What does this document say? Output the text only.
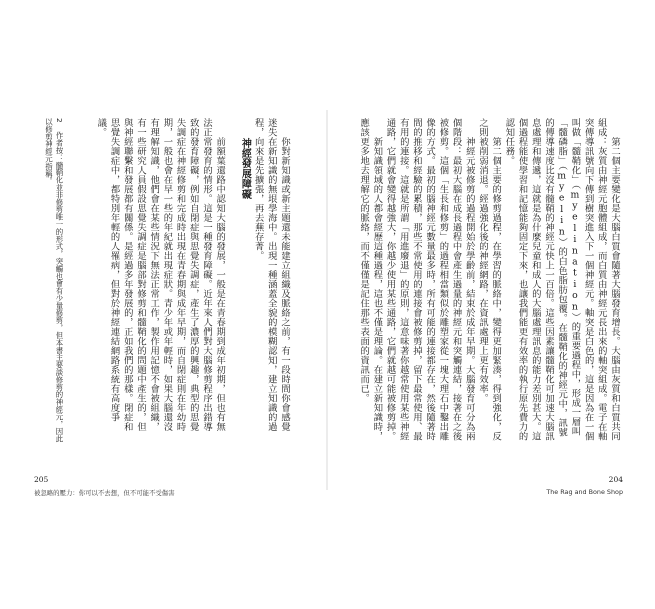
你對新知識或新主題還未能建立組織及脈絡之前，有一段時間你會感覺迷失在新知識的無垠學海中。出現一種涵蓋全貌的模糊認知，建立知識的過程，向來是先擴張，再去蕪存菁。

神經發展障礙

前額葉還路中認知大腦的發展，一般是在青春期到成年初期，但也有無法正常發育的情形。這是一種發育障礙。近年來人們對大腦修剪程序出錯導致的發育障礙，例如自閉症與思覺失調症，產生了濃厚的興趣，典型的思覺失調症在神經修剪和完成時出現在青春期與成年早期，而自閉症則在年幼時期，一般也會在早一些的年紀就出現症狀。青少年或年輕時，如果大腦還沒有理解知識，他們會在某些情況下無法正常工作，製作用記憶不會被組織，有一些研究人員假設思覺失調症是腦部對修剪和髓鞘化的問題中產生的，但與神經聯繫和發展都有關係。是經過多年發展的，正如我們的那樣。閉症和思覺失調症中，都特別年輕的人罹病，但對於神經連結網路系統有高度爭議。

2 作者按：髓鞘化並非修剪唯一的形式，突觸也會有少量修剪，但本書主要談修剪的神經元，因此以修剪神經元指稱。
205
被忽略的壓力：你可以不去想，但不可能不受傷害

第二個主要變化是大腦白質會隨著大腦發育增長。大腦由灰質和白質共同組成：灰質由神經元胞體組成，而白質由神經元長出來的軸突組成。電子在軸突傳導訊號向下傳到樹突進入下一個神經元。軸突是白色的，這是因為在一個叫做「髓鞘化」（myelination）的重要過程中，形成一層叫「髓磷脂」（myelin）的白色脂肪包覆。在髓鞘化的神經元中，訊號的傳導速度比沒有髓鞘的神經元快上一百倍。這些因素讓髓鞘化可加速大腦訊息處理和傳遞，這就是為什麼兒童和成人的大腦處理訊息的能力差別甚大。這個過程能使學習和記憶能夠固定下來，也讓我們能更有效率的執行原先費力的認知任務。

第二個主要的修剪過程，在學習的脈絡中，變得更加緊湊，得到強化，反之則被削弱消退。經過強化後的神經網路，在資訊處理上更有效率。

神經元被修剪的過程開始於學齡前，結束於成年早期。大腦發育可分為兩個階段：最初大腦在成長過程中會產生過量的神經元和突觸連結，接著在之後被修剪。這個「生長和修剪」的過程相當類似於雕塑家從一塊大理石中鑿出雕像的方式。最初的腦神經元數量最多時，所有可能的連接都存在，然後隨著時間的推移和經驗的累積，那些不常使用的連接會被修剪掉，留下最常使用、最有用的連接。這就是所謂「用進廢退」的原則，這意味著你越常使用某些神經通路，它們就會變得越強大，你越少使用某些通路，它們就越可能被修剪掉。

新知識領域的人都會經歷這種過程，這也不僅是理論。在建立新知識時，應該更多地去理解它的脈絡，而不僅僅是記住那些表面的資訊而已。

204
The Rag and Bone Shop
